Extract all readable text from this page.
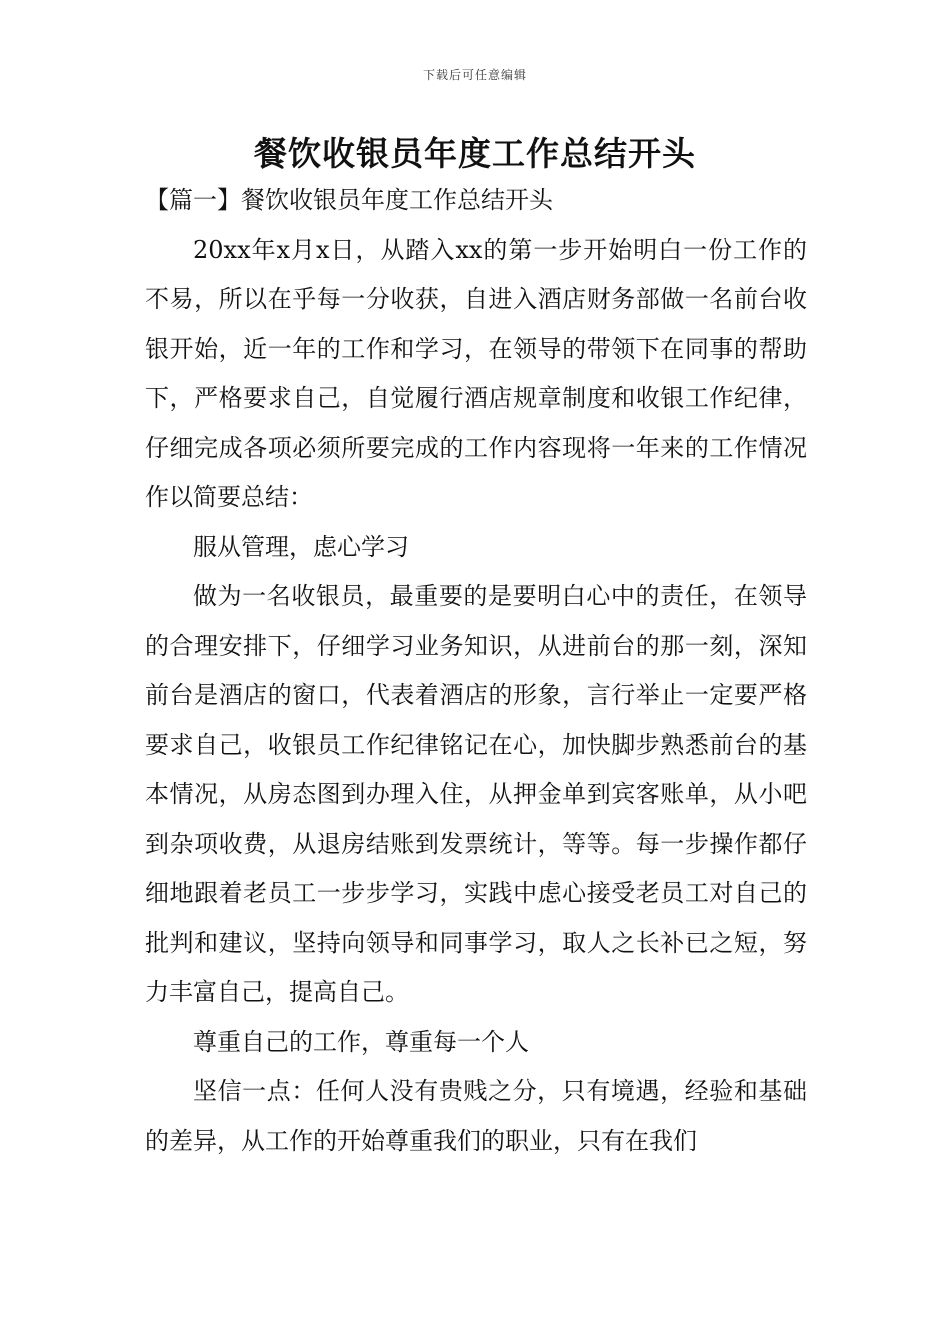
下载后可任意编辑
餐饮收银员年度工作总结开头

【篇一】餐饮收银员年度工作总结开头

20xx年x月x日，从踏入xx的第一步开始明白一份工作的不易，所以在乎每一分收获，自进入酒店财务部做一名前台收银开始，近一年的工作和学习，在领导的带领下在同事的帮助下，严格要求自己，自觉履行酒店规章制度和收银工作纪律，仔细完成各项必须所要完成的工作内容现将一年来的工作情况作以简要总结：

服从管理，虑心学习

做为一名收银员，最重要的是要明白心中的责任，在领导的合理安排下，仔细学习业务知识，从进前台的那一刻，深知前台是酒店的窗口，代表着酒店的形象，言行举止一定要严格要求自己，收银员工作纪律铭记在心，加快脚步熟悉前台的基本情况，从房态图到办理入住，从押金单到宾客账单，从小吧到杂项收费，从退房结账到发票统计，等等。每一步操作都仔细地跟着老员工一步步学习，实践中虑心接受老员工对自己的批判和建议，坚持向领导和同事学习，取人之长补已之短，努力丰富自己，提高自己。

尊重自己的工作，尊重每一个人

坚信一点：任何人没有贵贱之分，只有境遇，经验和基础的差异，从工作的开始尊重我们的职业，只有在我们
